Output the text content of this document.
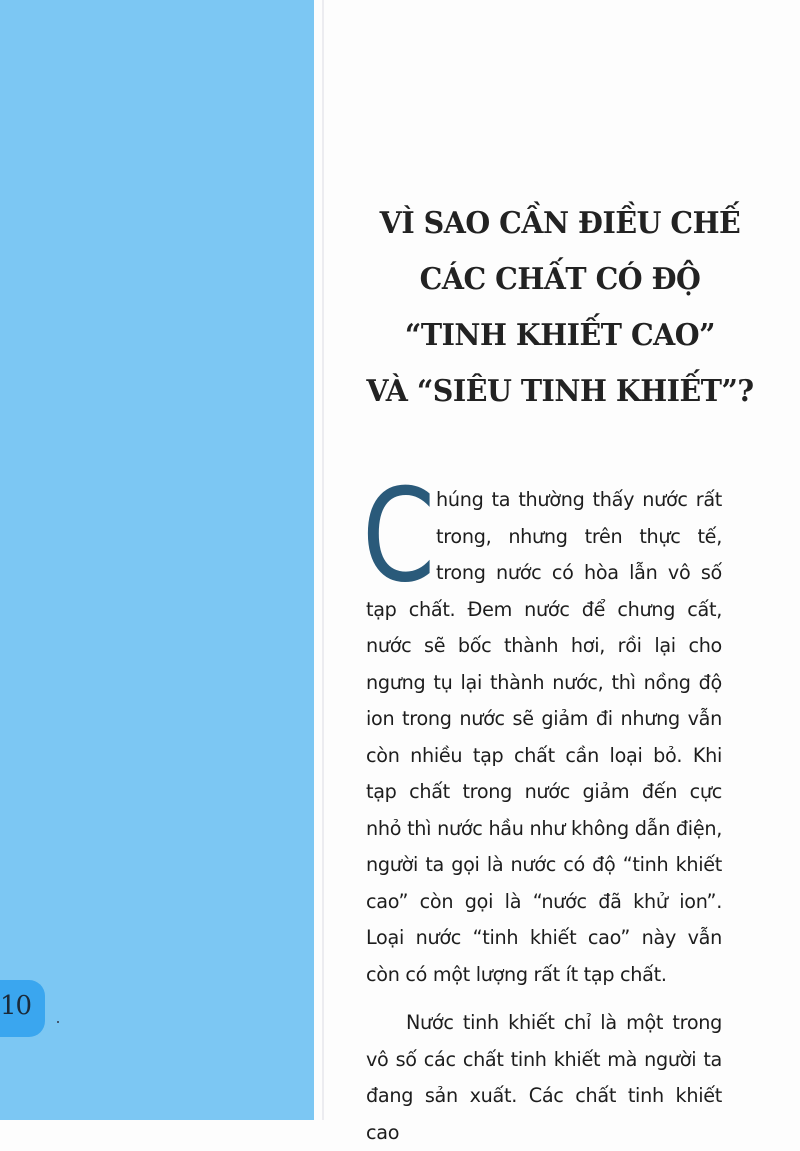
10
VÌ SAO CẦN ĐIỀU CHẾ
CÁC CHẤT CÓ ĐỘ
“TINH KHIẾT CAO”
VÀ “SIÊU TINH KHIẾT”?

Chúng ta thường thấy nước rất trong, nhưng trên thực tế, trong nước có hòa lẫn vô số tạp chất. Đem nước để chưng cất, nước sẽ bốc thành hơi, rồi lại cho ngưng tụ lại thành nước, thì nồng độ ion trong nước sẽ giảm đi nhưng vẫn còn nhiều tạp chất cần loại bỏ. Khi tạp chất trong nước giảm đến cực nhỏ thì nước hầu như không dẫn điện, người ta gọi là nước có độ “tinh khiết cao” còn gọi là “nước đã khử ion”. Loại nước “tinh khiết cao” này vẫn còn có một lượng rất ít tạp chất.

Nước tinh khiết chỉ là một trong vô số các chất tinh khiết mà người ta đang sản xuất. Các chất tinh khiết cao
